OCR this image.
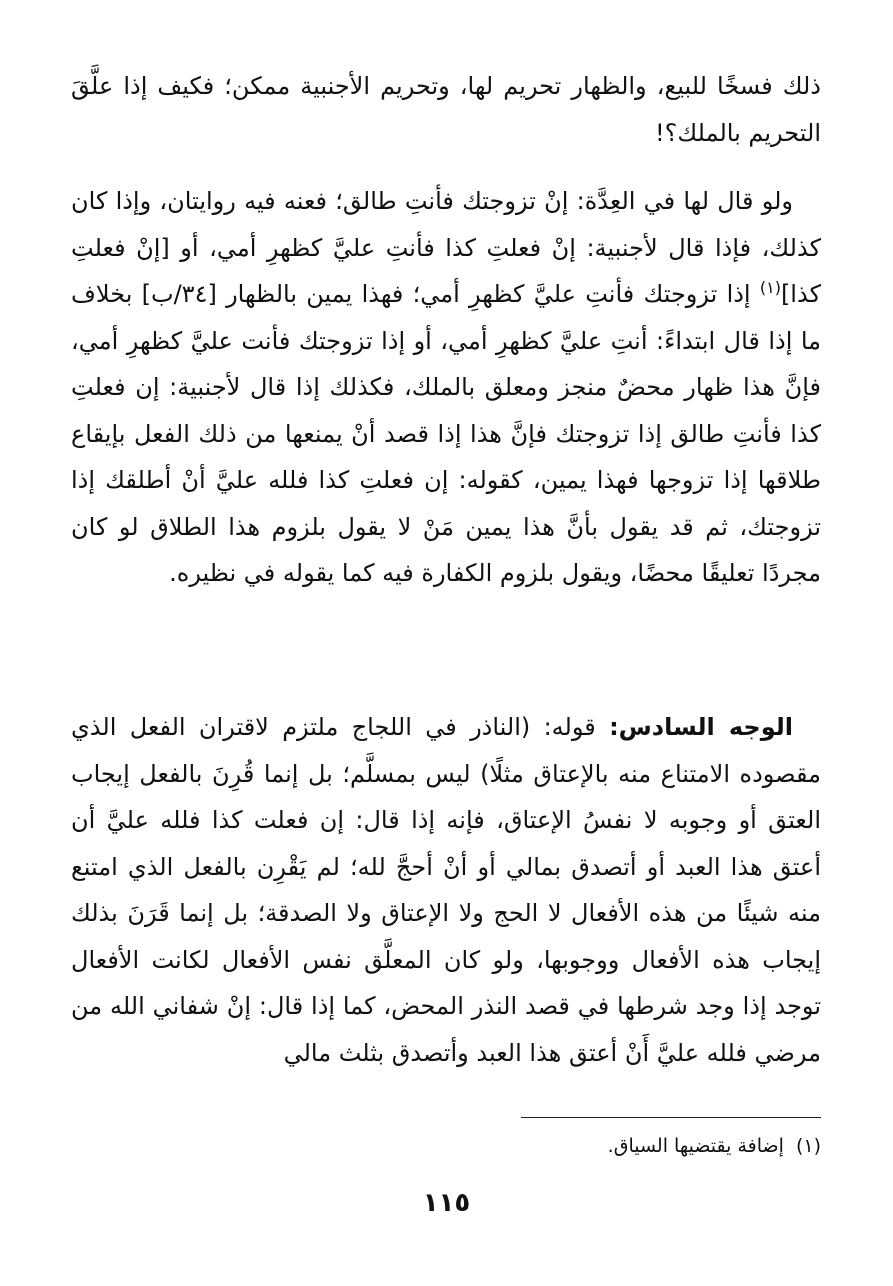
ذلك فسخًا للبيع، والظهار تحريم لها، وتحريم الأجنبية ممكن؛ فكيف إذا علَّقَ التحريم بالملك؟!

ولو قال لها في العِدَّة: إنْ تزوجتك فأنتِ طالق؛ فعنه فيه روايتان، وإذا كان كذلك، فإذا قال لأجنبية: إنْ فعلتِ كذا فأنتِ عليَّ كظهرِ أمي، أو [إنْ فعلتِ كذا]$^{(١)}$ إذا تزوجتك فأنتِ عليَّ كظهرِ أمي؛ فهذا يمين بالظهار [٣٤/ب] بخلاف ما إذا قال ابتداءً: أنتِ عليَّ كظهرِ أمي، أو إذا تزوجتك فأنت عليَّ كظهرِ أمي، فإنَّ هذا ظهار محضٌ منجز ومعلق بالملك، فكذلك إذا قال لأجنبية: إن فعلتِ كذا فأنتِ طالق إذا تزوجتك فإنَّ هذا إذا قصد أنْ يمنعها من ذلك الفعل بإيقاع طلاقها إذا تزوجها فهذا يمين، كقوله: إن فعلتِ كذا فلله عليَّ أنْ أطلقك إذا تزوجتك، ثم قد يقول بأنَّ هذا يمين مَنْ لا يقول بلزوم هذا الطلاق لو كان مجردًا تعليقًا محضًا، ويقول بلزوم الكفارة فيه كما يقوله في نظيره.

الوجه السادس: قوله: (الناذر في اللجاج ملتزم لاقتران الفعل الذي مقصوده الامتناع منه بالإعتاق مثلًا) ليس بمسلَّم؛ بل إنما قُرِنَ بالفعل إيجاب العتق أو وجوبه لا نفسُ الإعتاق، فإنه إذا قال: إن فعلت كذا فلله عليَّ أن أعتق هذا العبد أو أتصدق بمالي أو أنْ أحجَّ لله؛ لم يَقْرِن بالفعل الذي امتنع منه شيئًا من هذه الأفعال لا الحج ولا الإعتاق ولا الصدقة؛ بل إنما قَرَنَ بذلك إيجاب هذه الأفعال ووجوبها، ولو كان المعلَّق نفس الأفعال لكانت الأفعال توجد إذا وجد شرطها في قصد النذر المحض، كما إذا قال: إنْ شفاني الله من مرضي فلله عليَّ أَنْ أعتق هذا العبد وأتصدق بثلث مالي

(١)إضافة يقتضيها السياق.
١١٥
